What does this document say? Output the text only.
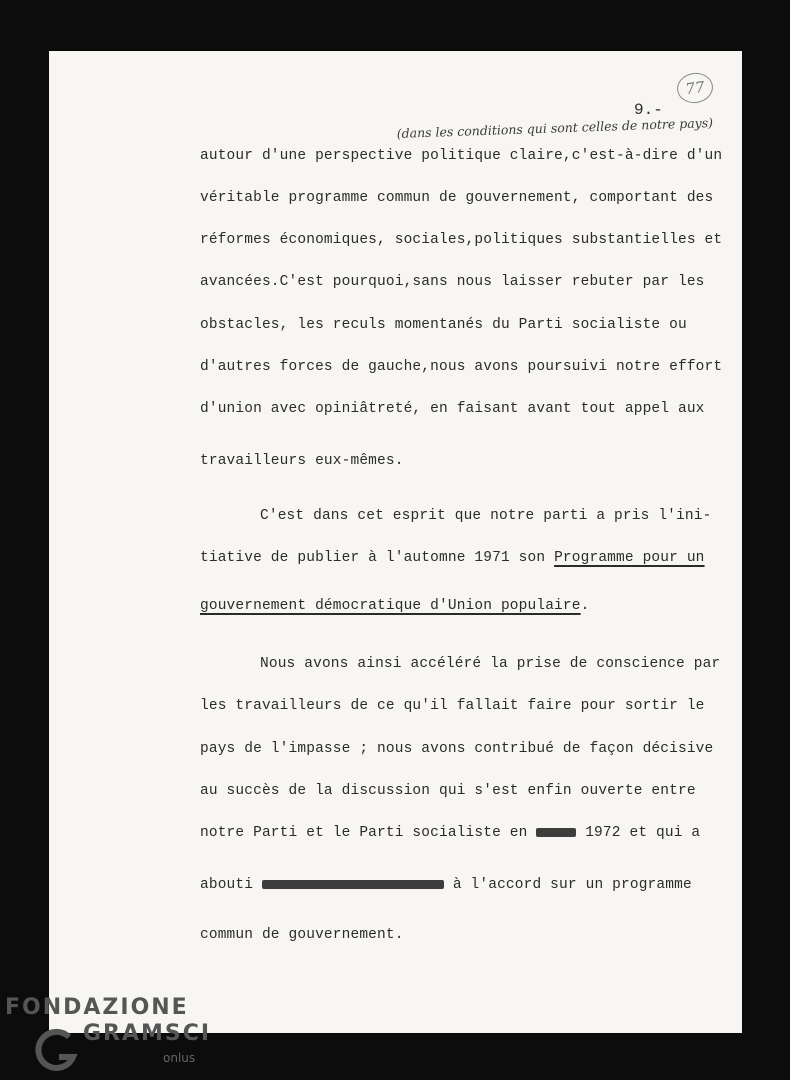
77
9.-
(dans les conditions qui sont celles de notre pays)
autour d'une perspective politique claire,c'est-à-dire d'un
véritable programme commun de gouvernement, comportant des
réformes économiques, sociales,politiques substantielles et
avancées.C'est pourquoi,sans nous laisser rebuter par les
obstacles, les reculs momentanés du Parti socialiste ou
d'autres forces de gauche,nous avons poursuivi notre effort
d'union avec opiniâtreté, en faisant avant tout appel aux
travailleurs eux-mêmes.
C'est dans cet esprit que notre parti a pris l'ini-
tiative de publier à l'automne 1971 son Programme pour un
gouvernement démocratique d'Union populaire.
Nous avons ainsi accéléré la prise de conscience par
les travailleurs de ce qu'il fallait faire pour sortir le
pays de l'impasse ; nous avons contribué de façon décisive
au succès de la discussion qui s'est enfin ouverte entre
notre Parti et le Parti socialiste en	1972 et qui a
abouti	à l'accord sur un programme
commun de gouvernement.
FONDAZIONE
GRAMSCI
onlus
